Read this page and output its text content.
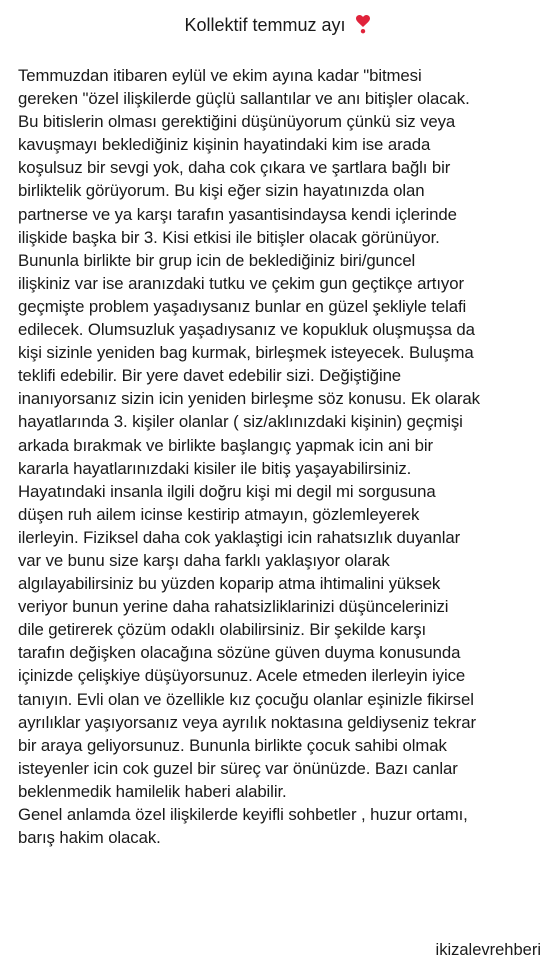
Kollektif temmuz ayı
Temmuzdan itibaren eylül ve ekim ayına kadar "bitmesi
gereken "özel ilişkilerde güçlü sallantılar ve anı bitişler olacak.
Bu bitislerin olması gerektiğini düşünüyorum çünkü siz veya
kavuşmayı beklediğiniz kişinin hayatindaki kim ise arada
koşulsuz bir sevgi yok, daha cok çıkara ve şartlara bağlı bir
birliktelik görüyorum. Bu kişi eğer sizin hayatınızda olan
partnerse ve ya karşı tarafın yasantisindaysa kendi içlerinde
ilişkide başka bir 3. Kisi etkisi ile bitişler olacak görünüyor.
Bununla birlikte bir grup icin de beklediğiniz biri/guncel
ilişkiniz var ise aranızdaki tutku ve çekim gun geçtikçe artıyor
geçmişte problem yaşadıysanız bunlar en güzel şekliyle telafi
edilecek. Olumsuzluk yaşadıysanız ve kopukluk oluşmuşsa da
kişi sizinle yeniden bag kurmak, birleşmek isteyecek. Buluşma
teklifi edebilir. Bir yere davet edebilir sizi. Değiştiğine
inanıyorsanız sizin icin yeniden birleşme söz konusu. Ek olarak
hayatlarında 3. kişiler olanlar ( siz/aklınızdaki kişinin) geçmişi
arkada bırakmak ve birlikte başlangıç yapmak icin ani bir
kararla hayatlarınızdaki kisiler ile bitiş yaşayabilirsiniz.
Hayatındaki insanla ilgili doğru kişi mi degil mi sorgusuna
düşen ruh ailem icinse kestirip atmayın, gözlemleyerek
ilerleyin. Fiziksel daha cok yaklaştigi icin rahatsızlık duyanlar
var ve bunu size karşı daha farklı yaklaşıyor olarak
algılayabilirsiniz bu yüzden koparip atma ihtimalini yüksek
veriyor bunun yerine daha rahatsizliklarinizi düşüncelerinizi
dile getirerek çözüm odaklı olabilirsiniz. Bir şekilde karşı
tarafın değişken olacağına sözüne güven duyma konusunda
içinizde çelişkiye düşüyorsunuz. Acele etmeden ilerleyin iyice
tanıyın. Evli olan ve özellikle kız çocuğu olanlar eşinizle fikirsel
ayrılıklar yaşıyorsanız veya ayrılık noktasına geldiyseniz tekrar
bir araya geliyorsunuz. Bununla birlikte çocuk sahibi olmak
isteyenler icin cok guzel bir süreç var önünüzde. Bazı canlar
beklenmedik hamilelik haberi alabilir.
Genel anlamda özel ilişkilerde keyifli sohbetler , huzur ortamı,
barış hakim olacak.
ikizalevrehberi
